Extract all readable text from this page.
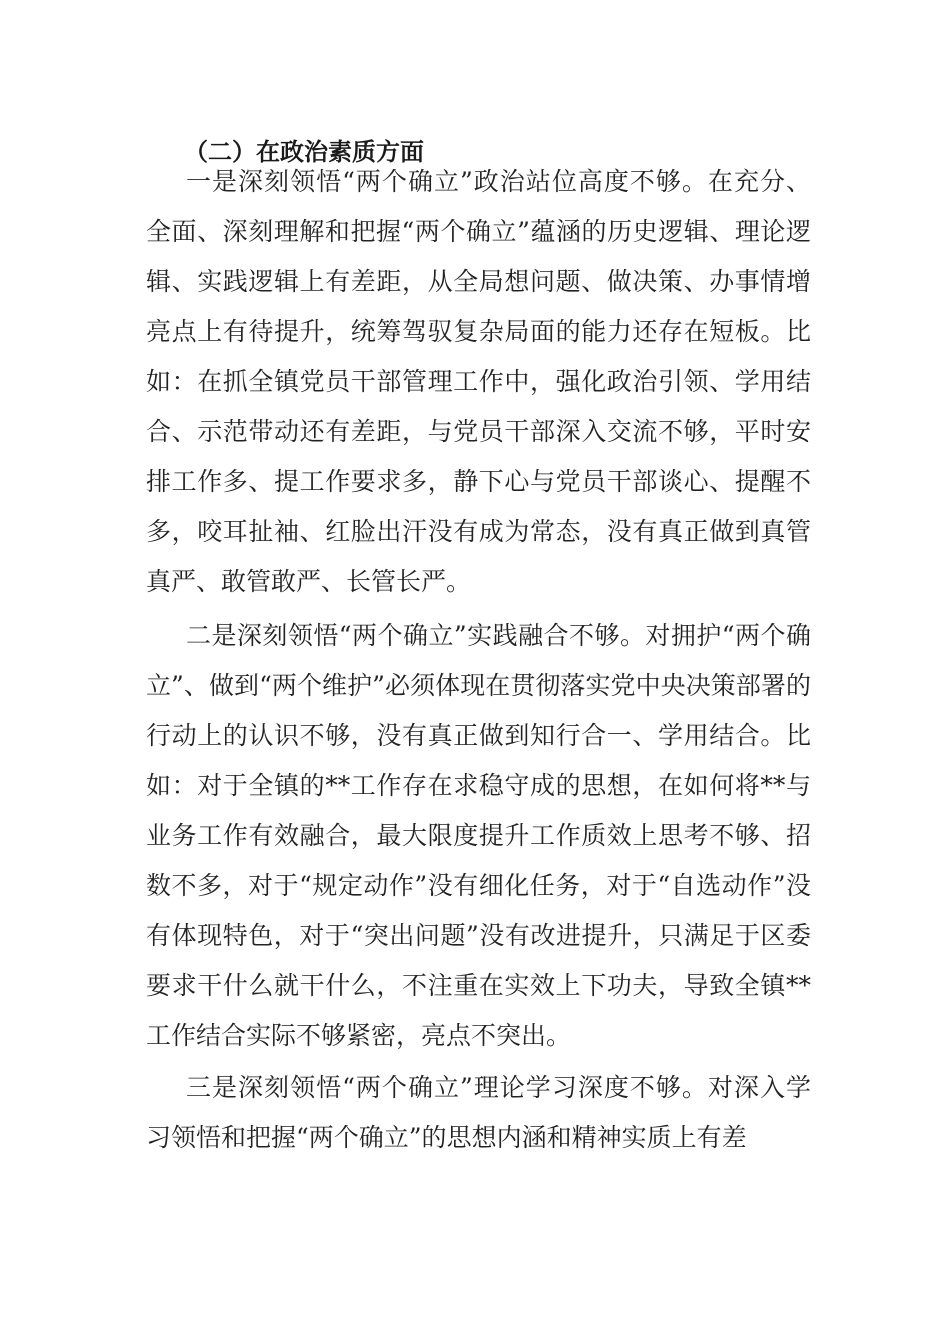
（二）在政治素质方面

一是深刻领悟“两个确立”政治站位高度不够。在充分、全面、深刻理解和把握“两个确立”蕴涵的历史逻辑、理论逻辑、实践逻辑上有差距，从全局想问题、做决策、办事情增亮点上有待提升，统筹驾驭复杂局面的能力还存在短板。比如：在抓全镇党员干部管理工作中，强化政治引领、学用结合、示范带动还有差距，与党员干部深入交流不够，平时安排工作多、提工作要求多，静下心与党员干部谈心、提醒不多，咬耳扯袖、红脸出汗没有成为常态，没有真正做到真管真严、敢管敢严、长管长严。

二是深刻领悟“两个确立”实践融合不够。对拥护“两个确立”、做到“两个维护”必须体现在贯彻落实党中央决策部署的行动上的认识不够，没有真正做到知行合一、学用结合。比如：对于全镇的**工作存在求稳守成的思想，在如何将**与业务工作有效融合，最大限度提升工作质效上思考不够、招数不多，对于“规定动作”没有细化任务，对于“自选动作”没有体现特色，对于“突出问题”没有改进提升，只满足于区委要求干什么就干什么，不注重在实效上下功夫，导致全镇**工作结合实际不够紧密，亮点不突出。

三是深刻领悟“两个确立”理论学习深度不够。对深入学习领悟和把握“两个确立”的思想内涵和精神实质上有差
